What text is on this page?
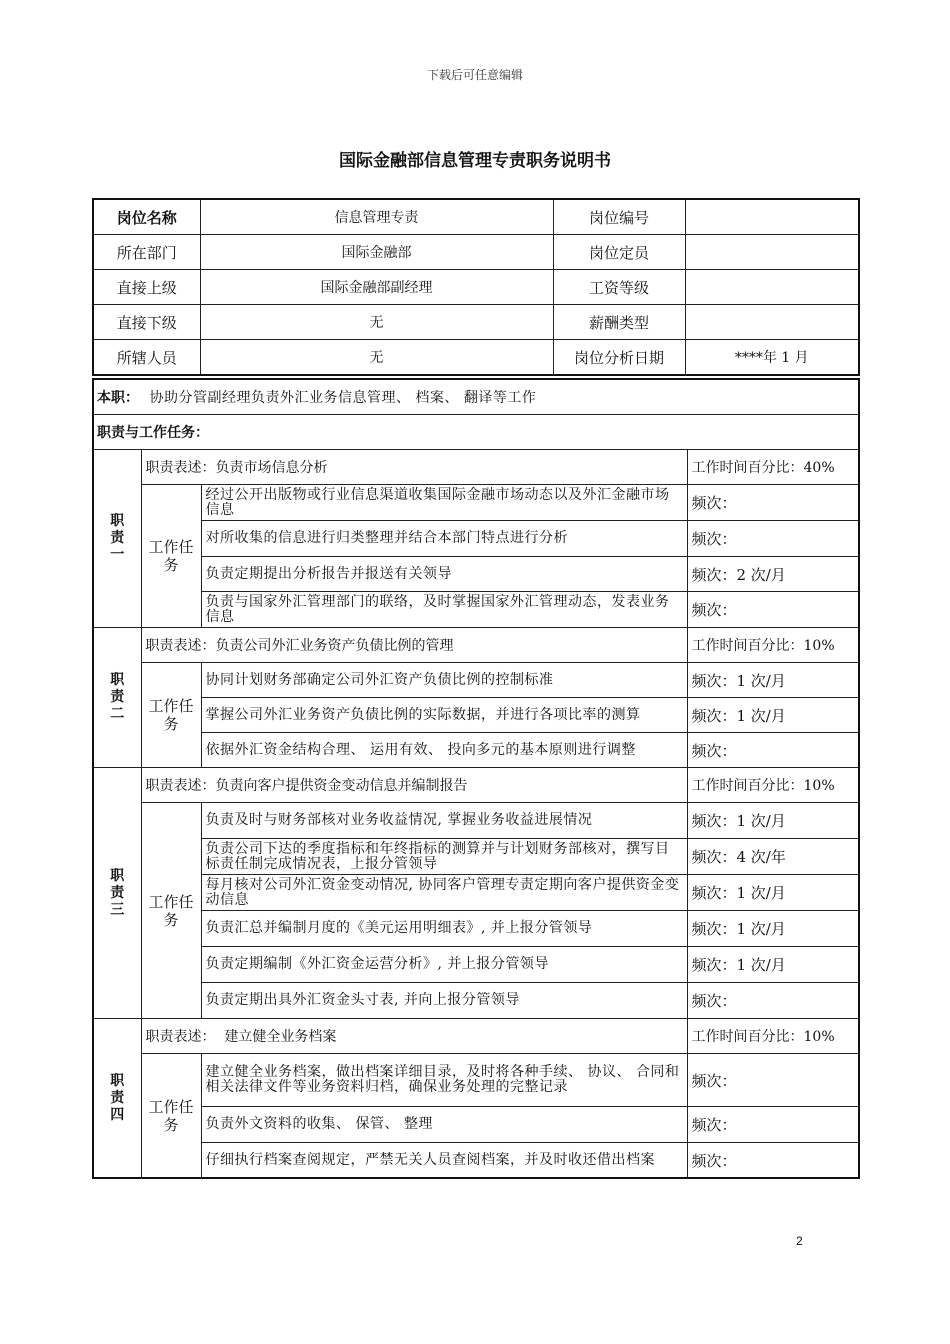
下载后可任意编辑
国际金融部信息管理专责职务说明书
岗位名称	信息管理专责	岗位编号	
所在部门	国际金融部	岗位定员	
直接上级	国际金融部副经理	工资等级	
直接下级	无	薪酬类型	
所辖人员	无	岗位分析日期	****年 1 月
本职： 协助分管副经理负责外汇业务信息管理、 档案、 翻译等工作			
职责与工作任务：			

职
责
一	职责表述：负责市场信息分析		工作时间百分比：40%
	工作任务	经过公开出版物或行业信息渠道收集国际金融市场动态以及外汇金融市场信息	频次：
		对所收集的信息进行归类整理并结合本部门特点进行分析	频次：
		负责定期提出分析报告并报送有关领导	频次：2 次/月
		负责与国家外汇管理部门的联络，及时掌握国家外汇管理动态，发表业务信息	频次：

职
责
二	职责表述：负责公司外汇业务资产负债比例的管理		工作时间百分比：10%
	工作任务	协同计划财务部确定公司外汇资产负债比例的控制标准	频次：1 次/月
		掌握公司外汇业务资产负债比例的实际数据，并进行各项比率的测算	频次：1 次/月
		依据外汇资金结构合理、 运用有效、 投向多元的基本原则进行调整	频次：

职
责
三	职责表述：负责向客户提供资金变动信息并编制报告		工作时间百分比：10%
	工作任务	负责及时与财务部核对业务收益情况, 掌握业务收益进展情况	频次：1 次/月
		负责公司下达的季度指标和年终指标的测算并与计划财务部核对，撰写目标责任制完成情况表，上报分管领导	频次：4 次/年
		每月核对公司外汇资金变动情况, 协同客户管理专责定期向客户提供资金变动信息	频次：1 次/月
		负责汇总并编制月度的《美元运用明细表》, 并上报分管领导	频次：1 次/月
		负责定期编制《外汇资金运营分析》, 并上报分管领导	频次：1 次/月
		负责定期出具外汇资金头寸表, 并向上报分管领导	频次：

职
责
四	职责表述：  建立健全业务档案		工作时间百分比：10%
	工作任务	建立健全业务档案，做出档案详细目录，及时将各种手续、 协议、 合同和相关法律文件等业务资料归档，确保业务处理的完整记录	频次：
		负责外文资料的收集、 保管、 整理	频次：
		仔细执行档案查阅规定，严禁无关人员查阅档案，并及时收还借出档案	频次：
2
